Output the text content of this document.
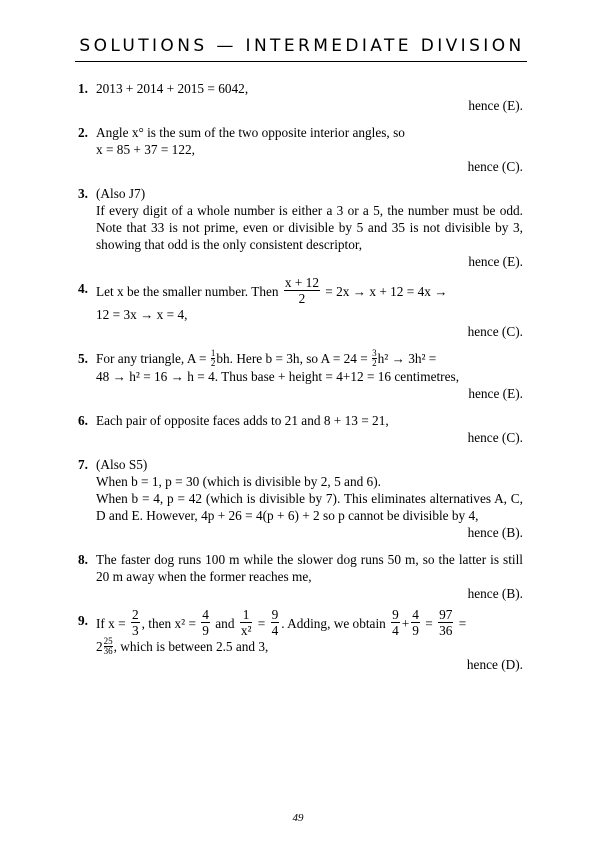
SOLUTIONS — INTERMEDIATE DIVISION
1. 2013 + 2014 + 2015 = 6042,
hence (E).
2. Angle x° is the sum of the two opposite interior angles, so
x = 85 + 37 = 122,
hence (C).
3. (Also J7)
If every digit of a whole number is either a 3 or a 5, the number must be odd. Note that 33 is not prime, even or divisible by 5 and 35 is not divisible by 3, showing that odd is the only consistent descriptor,
hence (E).
4. Let x be the smaller number. Then $\frac{x + 12}{2} = 2x \to x + 12 = 4x$ →
12 = 3x → x = 4,
hence (C).
5. For any triangle, $A = \frac{1}{2}$ bh. Here b = 3h, so $A = 24 = \frac{3}{2} h^2 \to 3h^2$ =
48 → h² = 16 → h = 4. Thus base + height = 4+12 = 16 centimetres,
hence (E).
6. Each pair of opposite faces adds to 21 and 8 + 13 = 21,
hence (C).
7. (Also S5)
When b = 1, p = 30 (which is divisible by 2, 5 and 6).
When b = 4, p = 42 (which is divisible by 7). This eliminates alternatives A, C, D and E. However, 4p + 26 = 4(p + 6) + 2 so p cannot be divisible by 4,
hence (B).
8. The faster dog runs 100 m while the slower dog runs 50 m, so the latter is still 20 m away when the former reaches me,
hence (B).
9. If $x = \frac{2}{3}$ , then $x^2 = \frac{4}{9}$ and $\frac{1}{\text{x²}} = \frac{9}{4}$ . Adding, we obtain $\frac{9}{4} + \frac{4}{9} = \frac{97}{36}$ =
$2 \frac{25}{36}$ , which is between 2.5 and 3,
hence (D).
49
